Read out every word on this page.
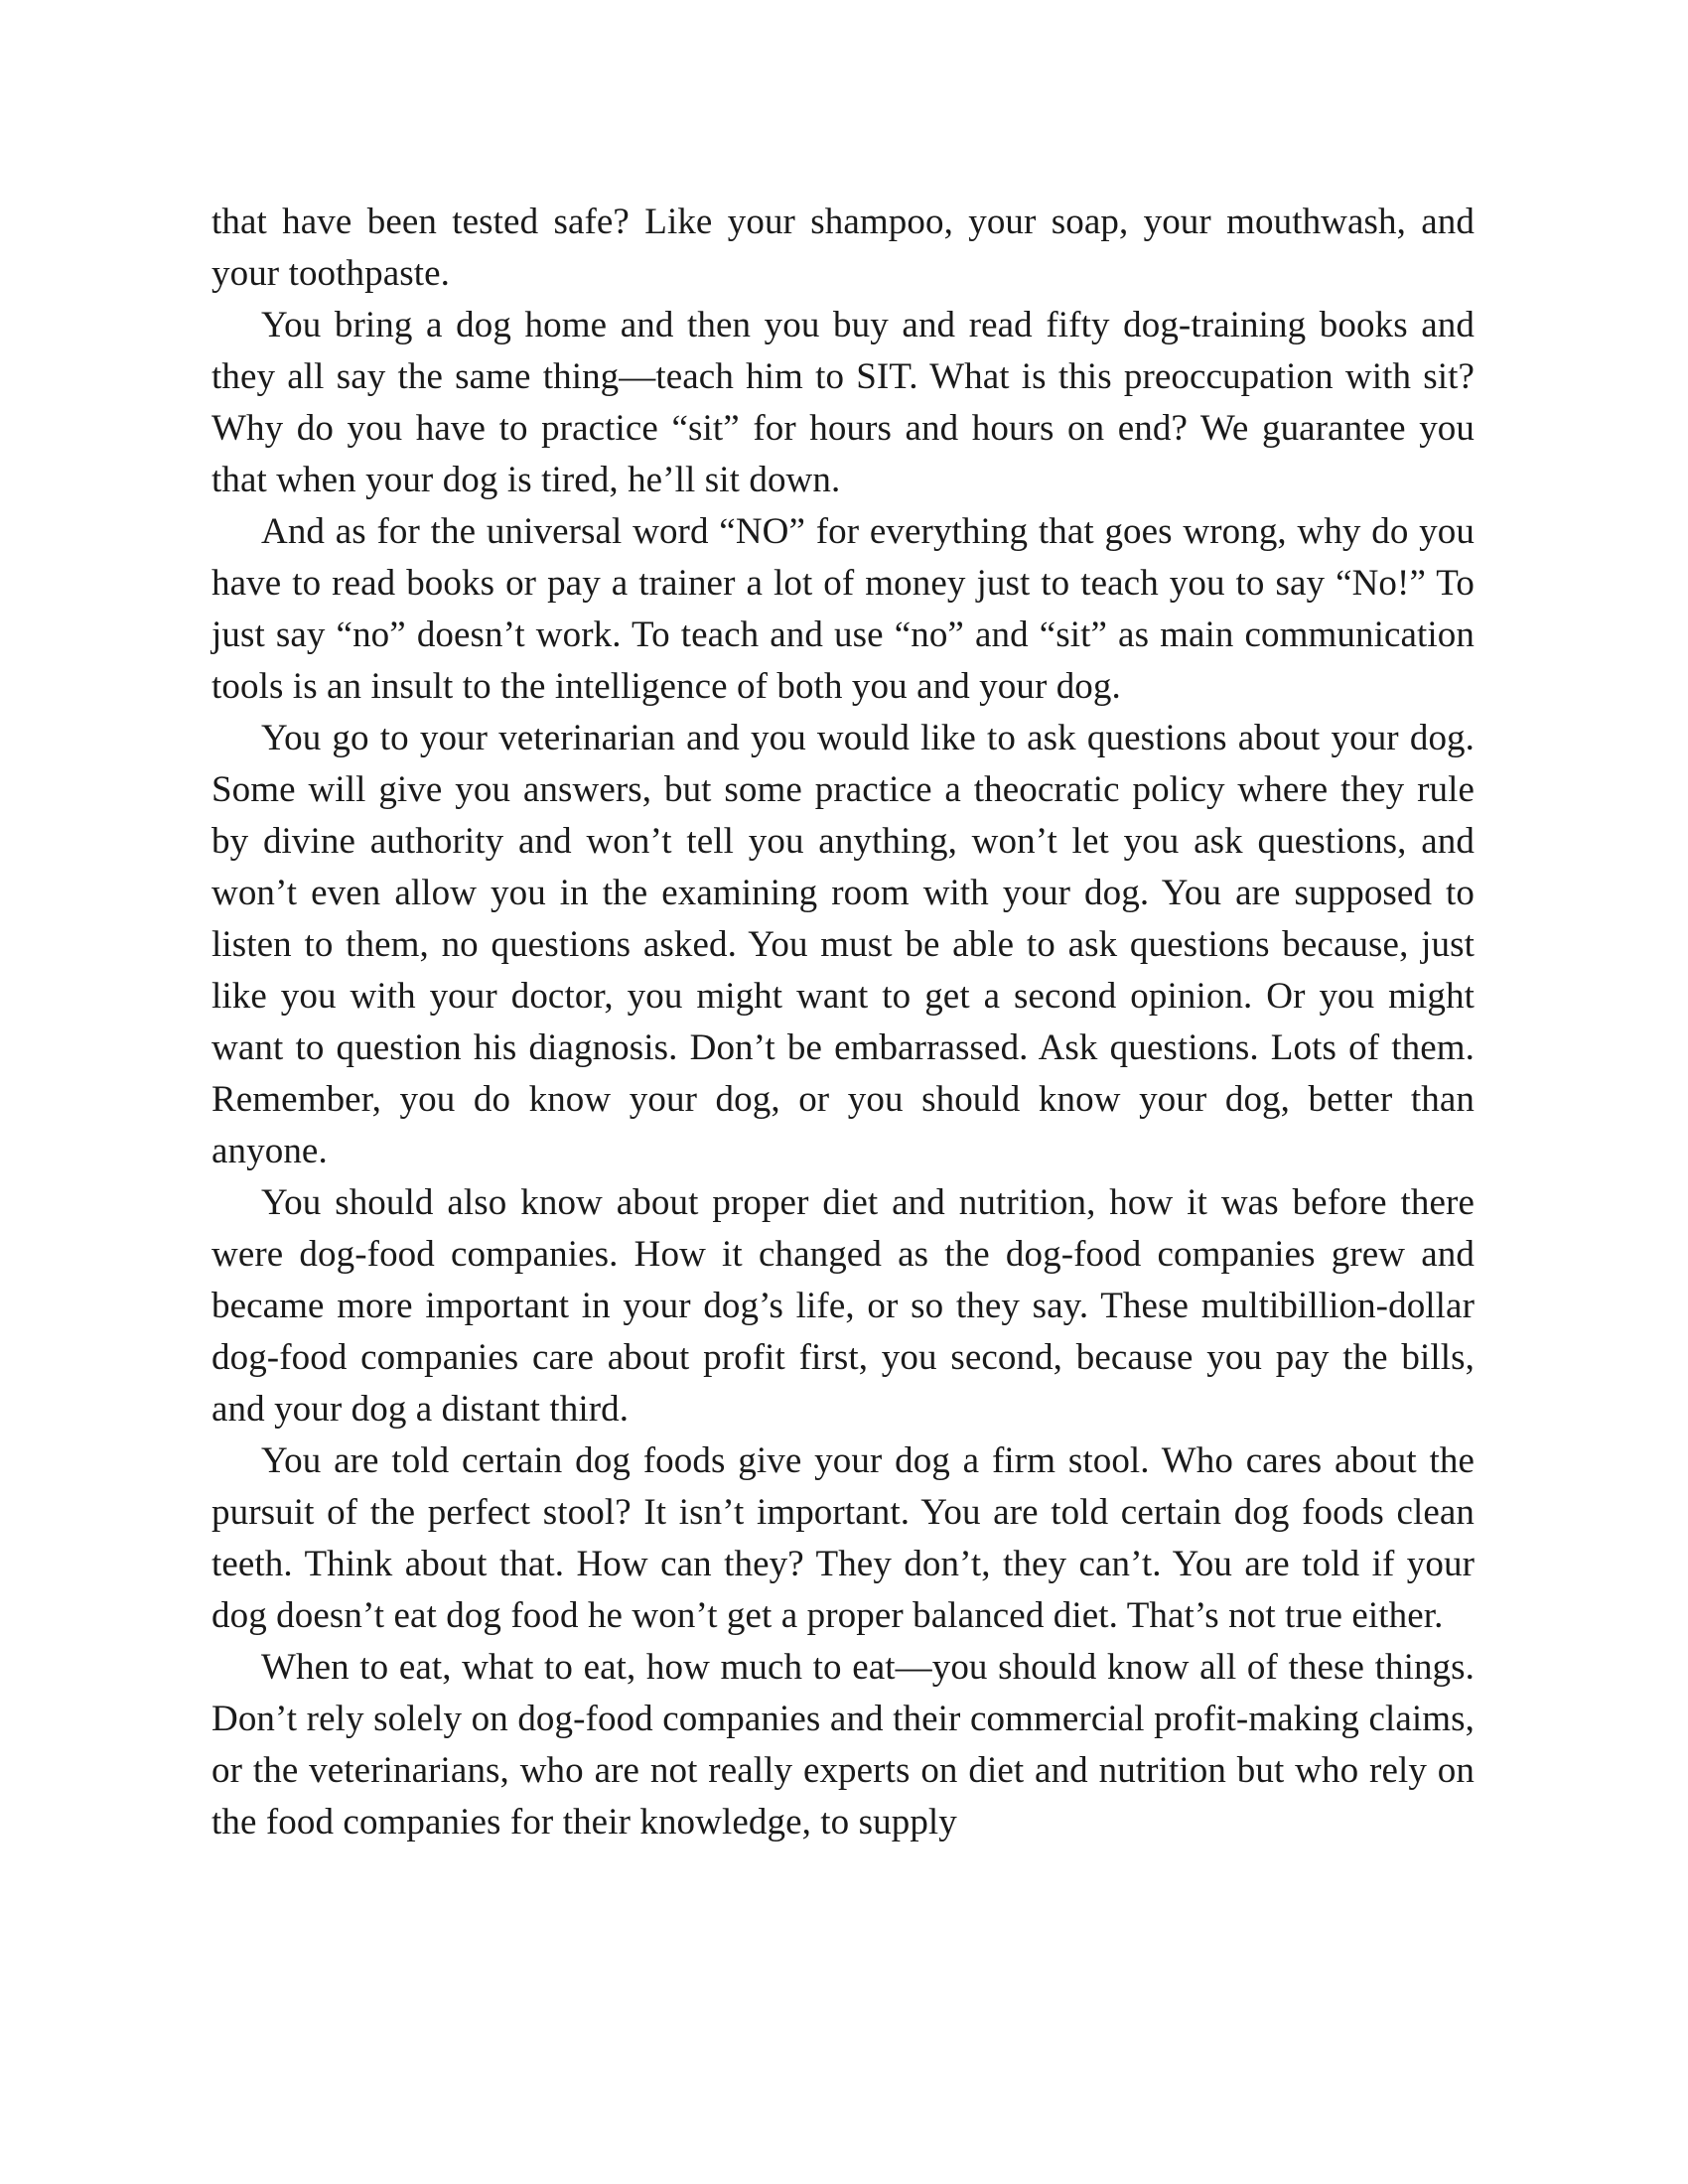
that have been tested safe? Like your shampoo, your soap, your mouthwash, and your toothpaste.

You bring a dog home and then you buy and read fifty dog-training books and they all say the same thing—teach him to SIT. What is this preoccupation with sit? Why do you have to practice “sit” for hours and hours on end? We guarantee you that when your dog is tired, he’ll sit down.

And as for the universal word “NO” for everything that goes wrong, why do you have to read books or pay a trainer a lot of money just to teach you to say “No!” To just say “no” doesn’t work. To teach and use “no” and “sit” as main communication tools is an insult to the intelligence of both you and your dog.

You go to your veterinarian and you would like to ask questions about your dog. Some will give you answers, but some practice a theocratic policy where they rule by divine authority and won’t tell you anything, won’t let you ask questions, and won’t even allow you in the examining room with your dog. You are supposed to listen to them, no questions asked. You must be able to ask questions because, just like you with your doctor, you might want to get a second opinion. Or you might want to question his diagnosis. Don’t be embarrassed. Ask questions. Lots of them. Remember, you do know your dog, or you should know your dog, better than anyone.

You should also know about proper diet and nutrition, how it was before there were dog-food companies. How it changed as the dog-food companies grew and became more important in your dog’s life, or so they say. These multibillion-dollar dog-food companies care about profit first, you second, because you pay the bills, and your dog a distant third.

You are told certain dog foods give your dog a firm stool. Who cares about the pursuit of the perfect stool? It isn’t important. You are told certain dog foods clean teeth. Think about that. How can they? They don’t, they can’t. You are told if your dog doesn’t eat dog food he won’t get a proper balanced diet. That’s not true either.

When to eat, what to eat, how much to eat—you should know all of these things. Don’t rely solely on dog-food companies and their commercial profit-making claims, or the veterinarians, who are not really experts on diet and nutrition but who rely on the food companies for their knowledge, to supply
